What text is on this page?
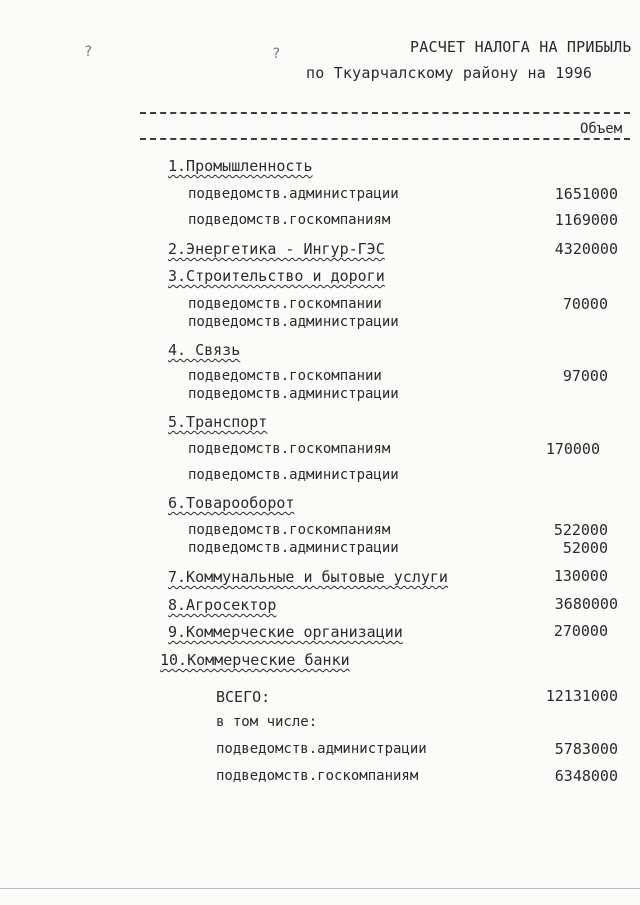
?	?	РАСЧЕТ НАЛОГА НА ПРИБЫЛЬ
по Ткуарчалскому району на 1996
Объем
1.Промышленность
подведомств.администрации	1651000
подведомств.госкомпаниям	1169000
2.Энергетика - Ингур-ГЭС	4320000
3.Строительство и дороги
подведомств.госкомпании	70000
подведомств.администрации
4. Связь
подведомств.госкомпании	97000
подведомств.администрации
5.Транспорт
подведомств.госкомпаниям	170000
подведомств.администрации
6.Товарооборот
подведомств.госкомпаниям	522000
подведомств.администрации	52000
7.Коммунальные и бытовые услуги	130000
8.Агросектор	3680000
9.Коммерческие организации	270000
10.Коммерческие банки
ВСЕГО:	12131000
в том числе:
подведомств.администрации	5783000
подведомств.госкомпаниям	6348000
